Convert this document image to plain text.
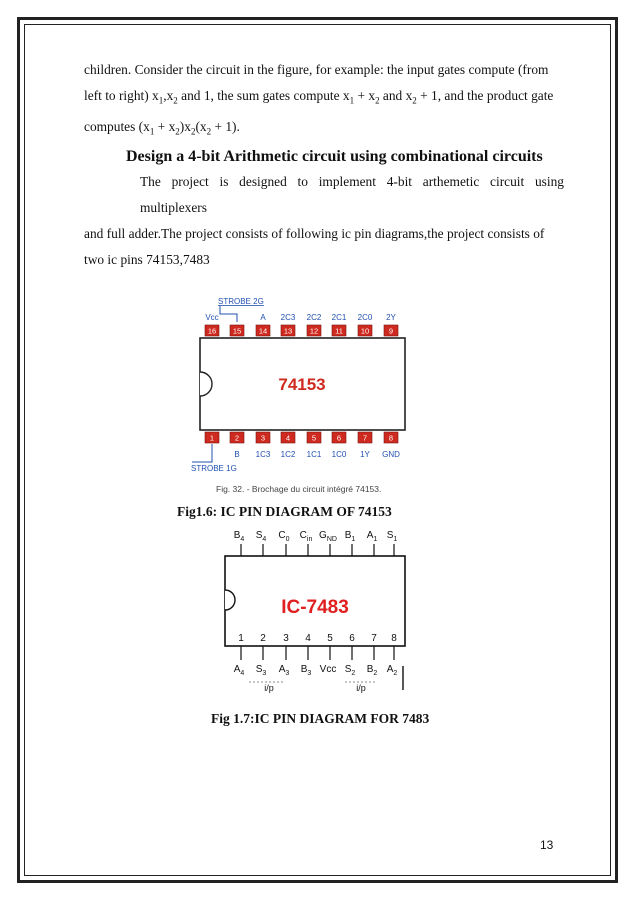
children. Consider the circuit in the figure, for example: the input gates compute (from

left to right) $x_1,x_2$ and 1, the sum gates compute $x_1 + x_2$ and $x_2 + 1$, and the product gate

computes $(x_1 + x_2)x_2(x_2 + 1)$.

Design a 4-bit Arithmetic circuit using combinational circuits

The project is designed to implement 4-bit arthemetic circuit using multiplexers

and full adder.The project consists of following ic pin diagrams,the project consists of

two ic pins 74153,7483

STROBE 2G
Vcc	A 2C3 2C2 2C1 2C0 2Y
16 15 14 13 12 11 10	9
74153
1	2	3	4	5	6	7	8
B 1C3 1C2 1C1 1C0 1Y GND
STROBE 1G
Fig. 32. - Brochage du circuit intégré 74153.
Fig1.6: IC PIN DIAGRAM OF 74153
$B_4$ $S_4$ $C_0$ $C_{in}$ $G_{ND}$ $B_1$ $A_1$ $S_1$
IC-7483
1 2 3 4 5 6 7 8
$A_4$ $S_3$ $A_3$ $B_3$ Vcc $S_2$ $B_2$ $A_2$
i/p	i/p
Fig 1.7:IC PIN DIAGRAM FOR 7483
13
